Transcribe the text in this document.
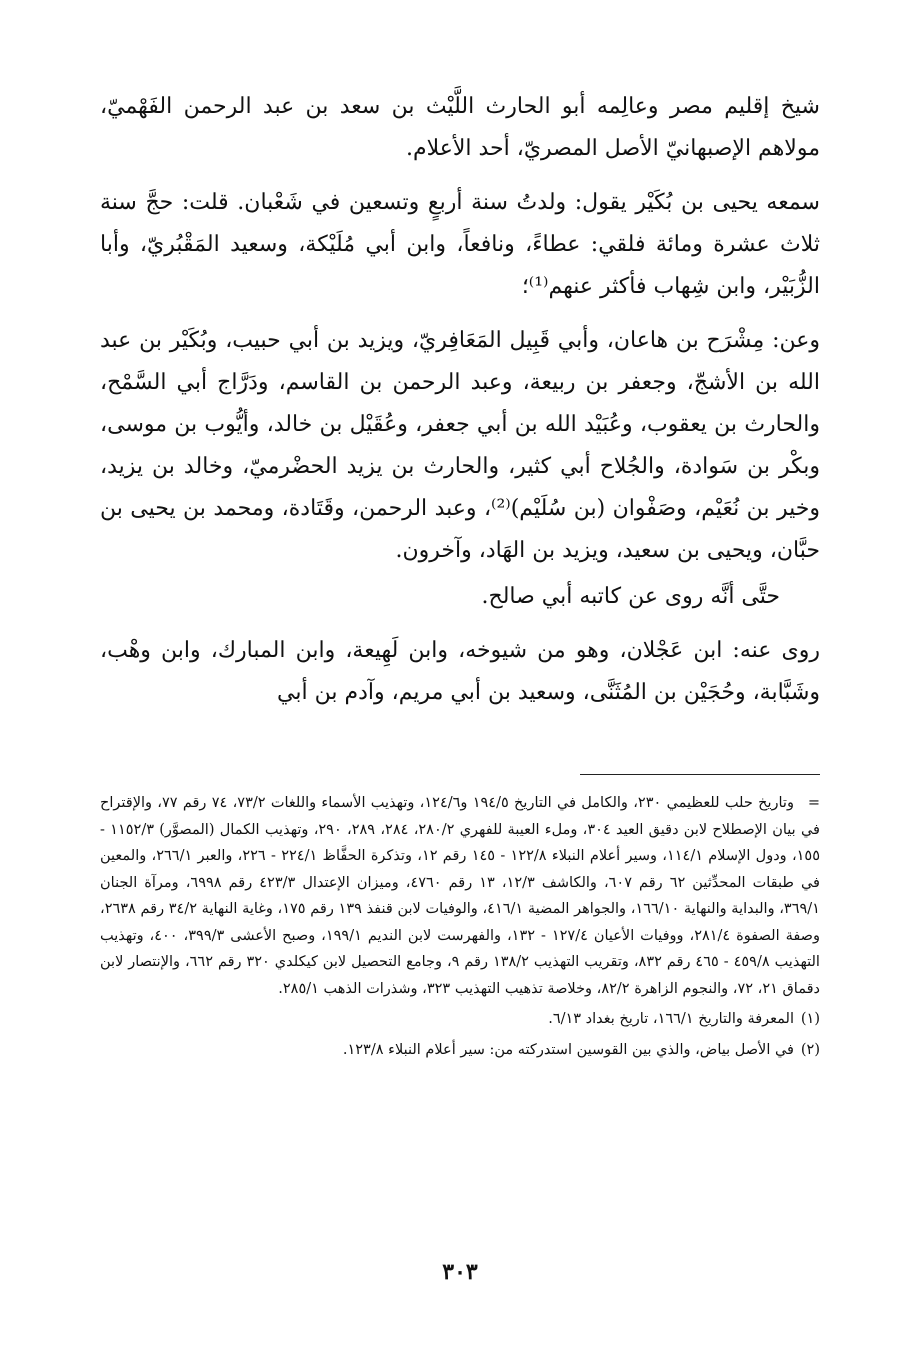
شيخ إقليم مصر وعالِمه أبو الحارث اللَّيْث بن سعد بن عبد الرحمن الفَهْميّ، مولاهم الإصبهانيّ الأصل المصريّ، أحد الأعلام.

سمعه يحيى بن بُكَيْر يقول: ولدتُ سنة أربعٍ وتسعين في شَعْبان. قلت: حجَّ سنة ثلاث عشرة ومائة فلقي: عطاءً، ونافعاً، وابن أبي مُلَيْكة، وسعيد المَقْبُريّ، وأبا الزُّبَيْر، وابن شِهاب فأكثر عنهم⁽¹⁾؛

وعن: مِشْرَح بن هاعان، وأبي قَبِيل المَعَافِريّ، ويزيد بن أبي حبيب، وبُكَيْر بن عبد الله بن الأشجّ، وجعفر بن ربيعة، وعبد الرحمن بن القاسم، ودَرَّاج أبي السَّمْح، والحارث بن يعقوب، وعُبَيْد الله بن أبي جعفر، وعُقَيْل بن خالد، وأيُّوب بن موسى، وبكْر بن سَوادة، والجُلاح أبي كثير، والحارث بن يزيد الحضْرميّ، وخالد بن يزيد، وخير بن نُعَيْم، وصَفْوان (بن سُلَيْم)⁽²⁾، وعبد الرحمن، وقَتَادة، ومحمد بن يحيى بن حبَّان، ويحيى بن سعيد، ويزيد بن الهَاد، وآخرون.

حتَّى أنَّه روى عن كاتبه أبي صالح.

روى عنه: ابن عَجْلان، وهو من شيوخه، وابن لَهِيعة، وابن المبارك، وابن وهْب، وشَبَّابة، وحُجَيْن بن المُثَنَّى، وسعيد بن أبي مريم، وآدم بن أبي

=وتاريخ حلب للعظيمي ٢٣٠، والكامل في التاريخ ١٩٤/٥ و١٢٤/٦، وتهذيب الأسماء واللغات ٧٣/٢، ٧٤ رقم ٧٧، والإقتراح في بيان الإصطلاح لابن دقيق العيد ٣٠٤، وملء العيبة للفهري ٢٨٠/٢، ٢٨٤، ٢٨٩، ٢٩٠، وتهذيب الكمال (المصوَّر) ١١٥٢/٣ - ١٥٥، ودول الإسلام ١١٤/١، وسير أعلام النبلاء ١٢٢/٨ - ١٤٥ رقم ١٢، وتذكرة الحفَّاظ ٢٢٤/١ - ٢٢٦، والعبر ٢٦٦/١، والمعين في طبقات المحدِّثين ٦٢ رقم ٦٠٧، والكاشف ١٢/٣، ١٣ رقم ٤٧٦٠، وميزان الإعتدال ٤٢٣/٣ رقم ٦٩٩٨، ومرآة الجنان ٣٦٩/١، والبداية والنهاية ١٦٦/١٠، والجواهر المضية ٤١٦/١، والوفيات لابن قنفذ ١٣٩ رقم ١٧٥، وغاية النهاية ٣٤/٢ رقم ٢٦٣٨، وصفة الصفوة ٢٨١/٤، ووفيات الأعيان ١٢٧/٤ - ١٣٢، والفهرست لابن النديم ١٩٩/١، وصبح الأعشى ٣٩٩/٣، ٤٠٠، وتهذيب التهذيب ٤٥٩/٨ - ٤٦٥ رقم ٨٣٢، وتقريب التهذيب ١٣٨/٢ رقم ٩، وجامع التحصيل لابن كيكلدي ٣٢٠ رقم ٦٦٢، والإنتصار لابن دقماق ٢١، ٧٢، والنجوم الزاهرة ٨٢/٢، وخلاصة تذهيب التهذيب ٣٢٣، وشذرات الذهب ٢٨٥/١.

(١)المعرفة والتاريخ ١٦٦/١، تاريخ بغداد ٦/١٣.

(٢)في الأصل بياض، والذي بين القوسين استدركته من: سير أعلام النبلاء ١٢٣/٨.

٣٠٣
